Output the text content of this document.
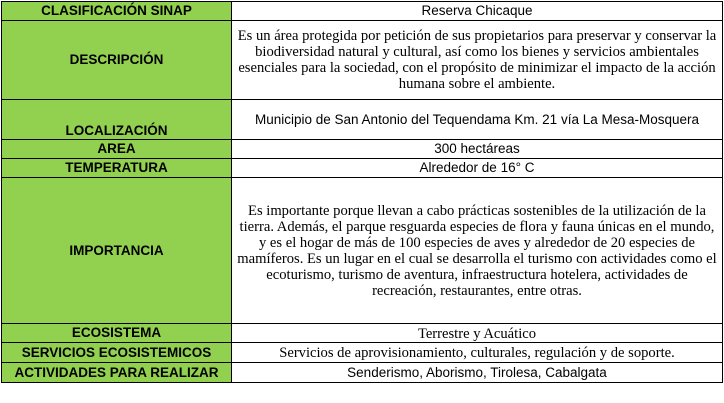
CLASIFICACIÓN SINAP	Reserva Chicaque
DESCRIPCIÓN	Es un área protegida por petición de sus propietarios para preservar y conservar la biodiversidad natural y cultural, así como los bienes y servicios ambientales esenciales para la sociedad, con el propósito de minimizar el impacto de la acción humana sobre el ambiente.
LOCALIZACIÓN	Municipio de San Antonio del Tequendama Km. 21 vía La Mesa-Mosquera
AREA	300 hectáreas
TEMPERATURA	Alrededor de 16° C
IMPORTANCIA	Es importante porque llevan a cabo prácticas sostenibles de la utilización de la tierra. Además, el parque resguarda especies de flora y fauna únicas en el mundo, y es el hogar de más de 100 especies de aves y alrededor de 20 especies de mamíferos. Es un lugar en el cual se desarrolla el turismo con actividades como el ecoturismo, turismo de aventura, infraestructura hotelera, actividades de recreación, restaurantes, entre otras.
ECOSISTEMA	Terrestre y Acuático
SERVICIOS ECOSISTEMICOS	Servicios de aprovisionamiento, culturales, regulación y de soporte.
ACTIVIDADES PARA REALIZAR	Senderismo, Aborismo, Tirolesa, Cabalgata
